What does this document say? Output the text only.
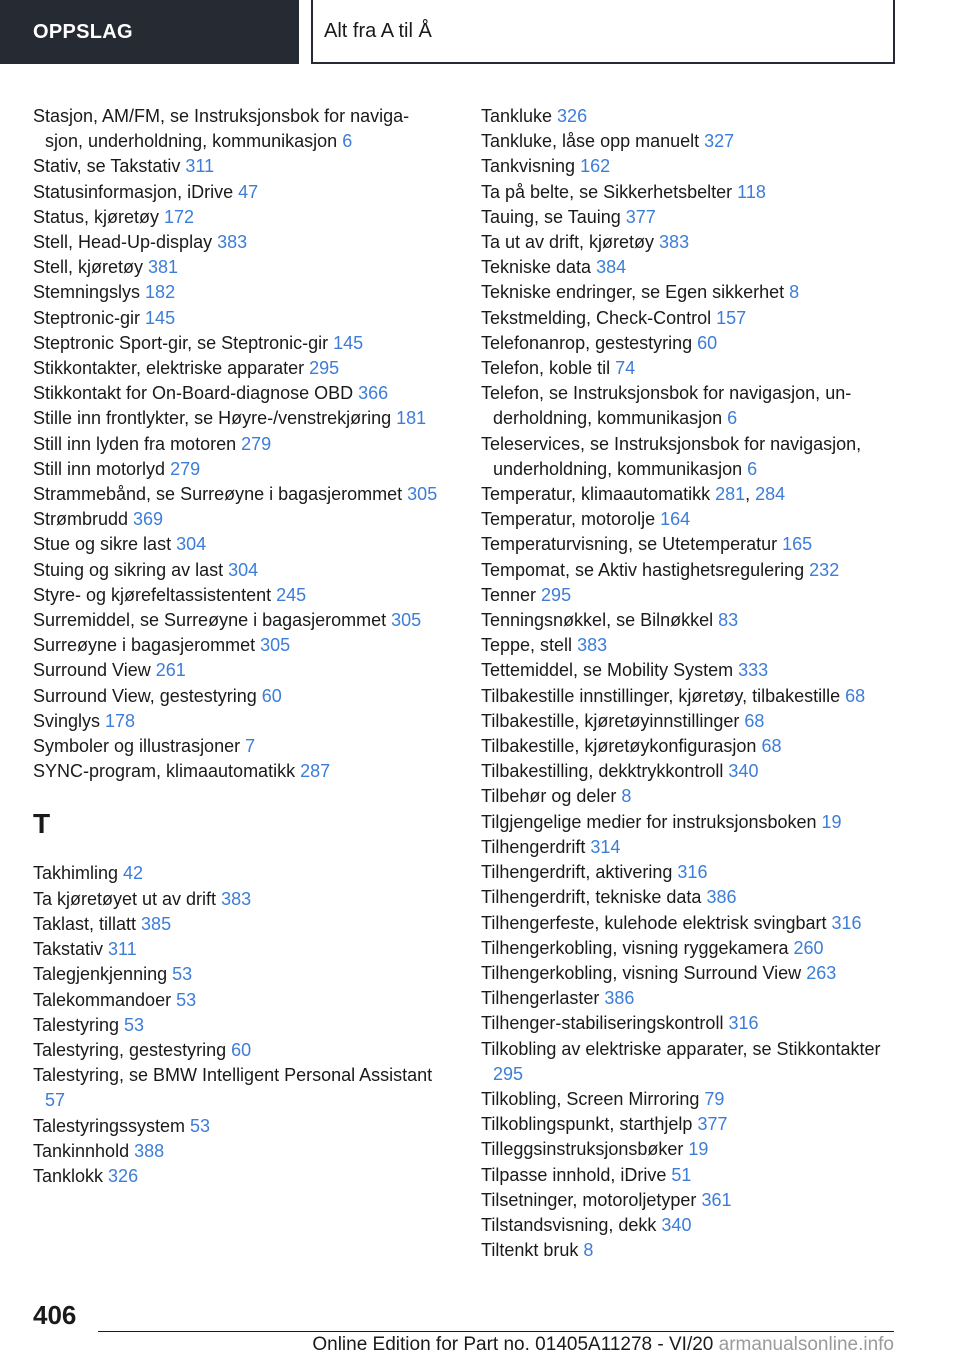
OPPSLAG	Alt fra A til Å
Stasjon, AM/FM, se Instruksjonsbok for navigasjon, underholdning, kommunikasjon 6
Stativ, se Takstativ 311
Statusinformasjon, iDrive 47
Status, kjøretøy 172
Stell, Head-Up-display 383
Stell, kjøretøy 381
Stemningslys 182
Steptronic-gir 145
Steptronic Sport-gir, se Steptronic-gir 145
Stikkontakter, elektriske apparater 295
Stikkontakt for On-Board-diagnose OBD 366
Stille inn frontlykter, se Høyre-/venstrekjøring 181
Still inn lyden fra motoren 279
Still inn motorlyd 279
Strammebånd, se Surreøyne i bagasjerommet 305
Strømbrudd 369
Stue og sikre last 304
Stuing og sikring av last 304
Styre- og kjørefeltassistentent 245
Surremiddel, se Surreøyne i bagasjerommet 305
Surreøyne i bagasjerommet 305
Surround View 261
Surround View, gestestyring 60
Svinglys 178
Symboler og illustrasjoner 7
SYNC-program, klimaautomatikk 287
T
Takhimling 42
Ta kjøretøyet ut av drift 383
Taklast, tillatt 385
Takstativ 311
Talegjenkjenning 53
Talekommandoer 53
Talestyring 53
Talestyring, gestestyring 60
Talestyring, se BMW Intelligent Personal Assistant 57
Talestyringssystem 53
Tankinnhold 388
Tanklokk 326
Tankluke 326
Tankluke, låse opp manuelt 327
Tankvisning 162
Ta på belte, se Sikkerhetsbelter 118
Tauing, se Tauing 377
Ta ut av drift, kjøretøy 383
Tekniske data 384
Tekniske endringer, se Egen sikkerhet 8
Tekstmelding, Check-Control 157
Telefonanrop, gestestyring 60
Telefon, koble til 74
Telefon, se Instruksjonsbok for navigasjon, underholdning, kommunikasjon 6
Teleservices, se Instruksjonsbok for navigasjon, underholdning, kommunikasjon 6
Temperatur, klimaautomatikk 281, 284
Temperatur, motorolje 164
Temperaturvisning, se Utetemperatur 165
Tempomat, se Aktiv hastighetsregulering 232
Tenner 295
Tenningsnøkkel, se Bilnøkkel 83
Teppe, stell 383
Tettemiddel, se Mobility System 333
Tilbakestille innstillinger, kjøretøy, tilbakestille 68
Tilbakestille, kjøretøyinnstillinger 68
Tilbakestille, kjøretøykonfigurasjon 68
Tilbakestilling, dekktrykkontroll 340
Tilbehør og deler 8
Tilgjengelige medier for instruksjonsboken 19
Tilhengerdrift 314
Tilhengerdrift, aktivering 316
Tilhengerdrift, tekniske data 386
Tilhengerfeste, kulehode elektrisk svingbart 316
Tilhengerkobling, visning ryggekamera 260
Tilhengerkobling, visning Surround View 263
Tilhengerlaster 386
Tilhenger-stabiliseringskontroll 316
Tilkobling av elektriske apparater, se Stikkontakter 295
Tilkobling, Screen Mirroring 79
Tilkoblingspunkt, starthjelp 377
Tilleggsinstruksjonsbøker 19
Tilpasse innhold, iDrive 51
Tilsetninger, motoroljetyper 361
Tilstandsvisning, dekk 340
Tiltenkt bruk 8
406
Online Edition for Part no. 01405A11278 - VI/20 armanualsonline.info
